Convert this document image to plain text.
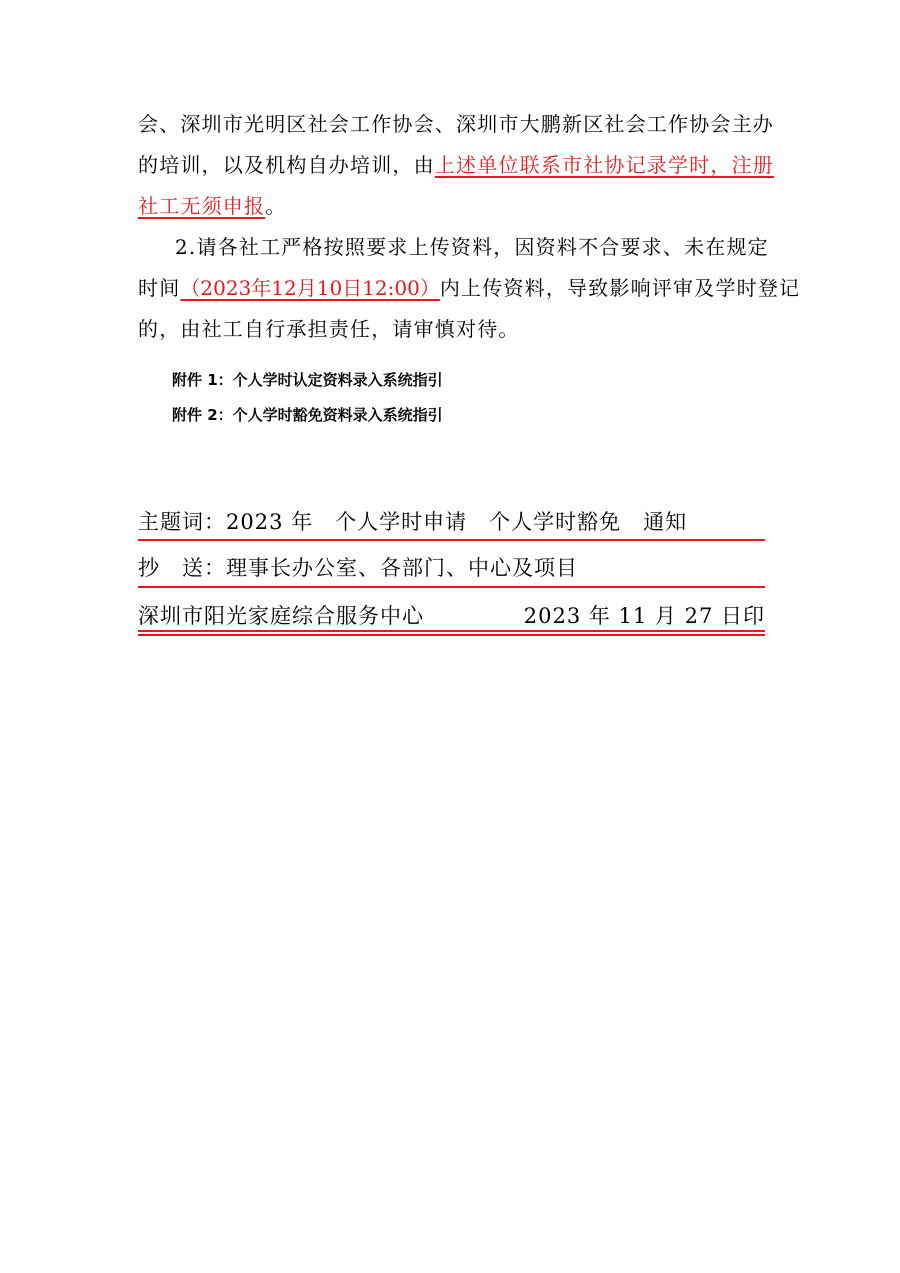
会、深圳市光明区社会工作协会、深圳市大鹏新区社会工作协会主办
的培训，以及机构自办培训，由上述单位联系市社协记录学时，注册
社工无须申报。
2.请各社工严格按照要求上传资料，因资料不合要求、未在规定
时间（2023年12月10日12:00）内上传资料，导致影响评审及学时登记
的，由社工自行承担责任，请审慎对待。
附件 1：个人学时认定资料录入系统指引
附件 2：个人学时豁免资料录入系统指引
主题词：2023 年　个人学时申请　个人学时豁免　通知
抄　送：理事长办公室、各部门、中心及项目
深圳市阳光家庭综合服务中心	2023 年 11 月 27 日印
